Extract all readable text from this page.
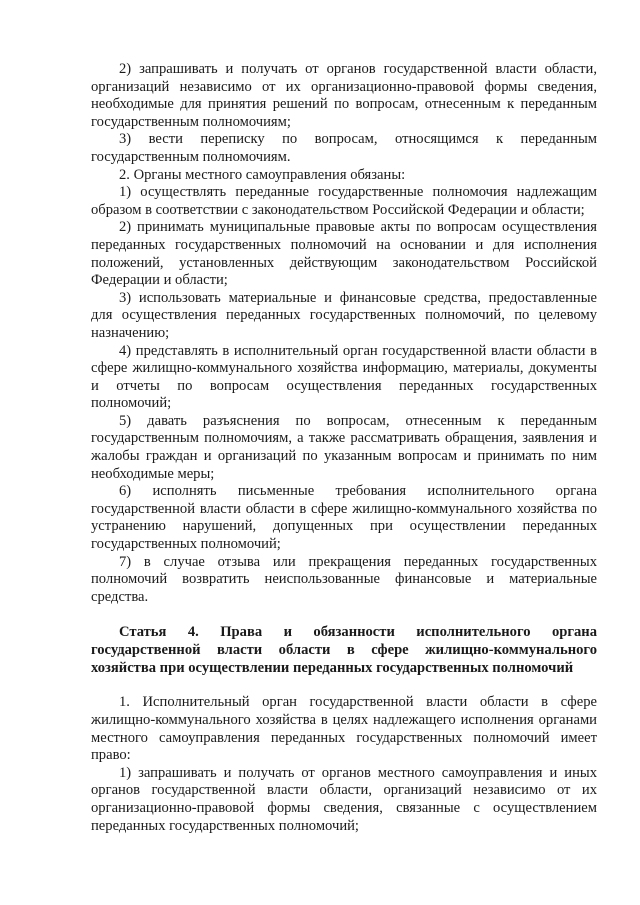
2) запрашивать и получать от органов государственной власти области, организаций независимо от их организационно-правовой формы сведения, необходимые для принятия решений по вопросам, отнесенным к переданным государственным полномочиям;

3) вести переписку по вопросам, относящимся к переданным государственным полномочиям.

2. Органы местного самоуправления обязаны:

1) осуществлять переданные государственные полномочия надлежащим образом в соответствии с законодательством Российской Федерации и области;

2) принимать муниципальные правовые акты по вопросам осуществления переданных государственных полномочий на основании и для исполнения положений, установленных действующим законодательством Российской Федерации и области;

3) использовать материальные и финансовые средства, предоставленные для осуществления переданных государственных полномочий, по целевому назначению;

4) представлять в исполнительный орган государственной власти области в сфере жилищно-коммунального хозяйства информацию, материалы, документы и отчеты по вопросам осуществления переданных государственных полномочий;

5) давать разъяснения по вопросам, отнесенным к переданным государственным полномочиям, а также рассматривать обращения, заявления и жалобы граждан и организаций по указанным вопросам и принимать по ним необходимые меры;

6) исполнять письменные требования исполнительного органа государственной власти области в сфере жилищно-коммунального хозяйства по устранению нарушений, допущенных при осуществлении переданных государственных полномочий;

7) в случае отзыва или прекращения переданных государственных полномочий возвратить неиспользованные финансовые и материальные средства.

Статья 4. Права и обязанности исполнительного органа государственной власти области в сфере жилищно-коммунального хозяйства при осуществлении переданных государственных полномочий

1. Исполнительный орган государственной власти области в сфере жилищно-коммунального хозяйства в целях надлежащего исполнения органами местного самоуправления переданных государственных полномочий имеет право:

1) запрашивать и получать от органов местного самоуправления и иных органов государственной власти области, организаций независимо от их организационно-правовой формы сведения, связанные с осуществлением переданных государственных полномочий;
